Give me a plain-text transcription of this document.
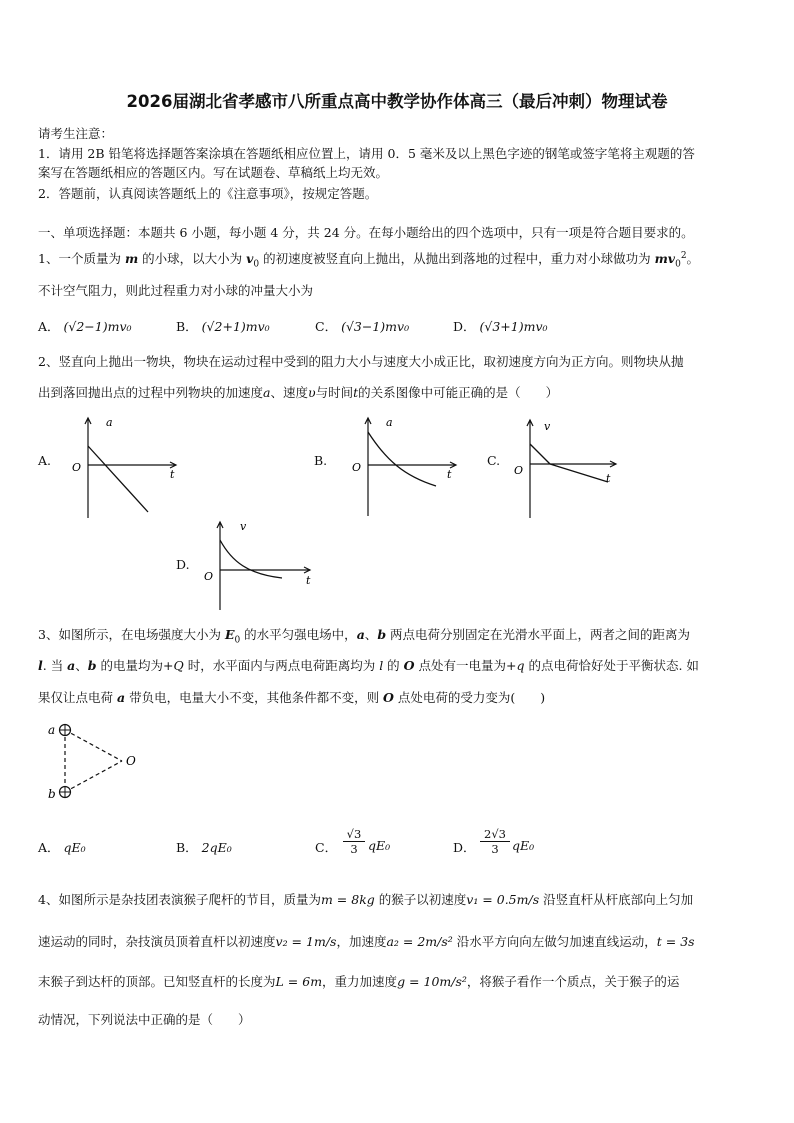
2026届湖北省孝感市八所重点高中教学协作体高三（最后冲刺）物理试卷
请考生注意：
1．请用 2B 铅笔将选择题答案涂填在答题纸相应位置上，请用 0．5 毫米及以上黑色字迹的钢笔或签字笔将主观题的答
案写在答题纸相应的答题区内。写在试题卷、草稿纸上均无效。
2．答题前，认真阅读答题纸上的《注意事项》，按规定答题。
一、单项选择题：本题共 6 小题，每小题 4 分，共 24 分。在每小题给出的四个选项中，只有一项是符合题目要求的。
1、一个质量为 m 的小球，以大小为 $v_0$ 的初速度被竖直向上抛出，从抛出到落地的过程中，重力对小球做功为 $mv_0^2$。
不计空气阻力，则此过程重力对小球的冲量大小为
A． (√2−1)mv₀	B． (√2+1)mv₀	C． (√3−1)mv₀	D． (√3+1)mv₀
2、竖直向上抛出一物块，物块在运动过程中受到的阻力大小与速度大小成正比，取初速度方向为正方向。则物块从抛
出到落回抛出点的过程中列物块的加速度a、速度υ与时间t的关系图像中可能正确的是（　　）
A.
a
t
O	B.
a
t
O	C.
v
t
O
D.
v
t
O
3、如图所示，在电场强度大小为 $E_0$ 的水平匀强电场中，a、b 两点电荷分别固定在光滑水平面上，两者之间的距离为
l. 当 a、b 的电量均为+Q 时，水平面内与两点电荷距离均为 l 的 O 点处有一电量为+q 的点电荷恰好处于平衡状态. 如
果仅让点电荷 a 带负电，电量大小不变，其他条件都不变，则 O 点处电荷的受力变为(　　)
a
b
O
A． qE₀	B． 2qE₀	C．
√3
3 qE₀	D．
2√3
3	qE₀
4、如图所示是杂技团表演猴子爬杆的节目，质量为m = 8kg 的猴子以初速度v₁ = 0.5m/s 沿竖直杆从杆底部向上匀加
速运动的同时，杂技演员顶着直杆以初速度v₂ = 1m/s，加速度a₂ = 2m/s² 沿水平方向向左做匀加速直线运动，t = 3s
末猴子到达杆的顶部。已知竖直杆的长度为L = 6m，重力加速度g = 10m/s²，将猴子看作一个质点，关于猴子的运
动情况，下列说法中正确的是（　　）
